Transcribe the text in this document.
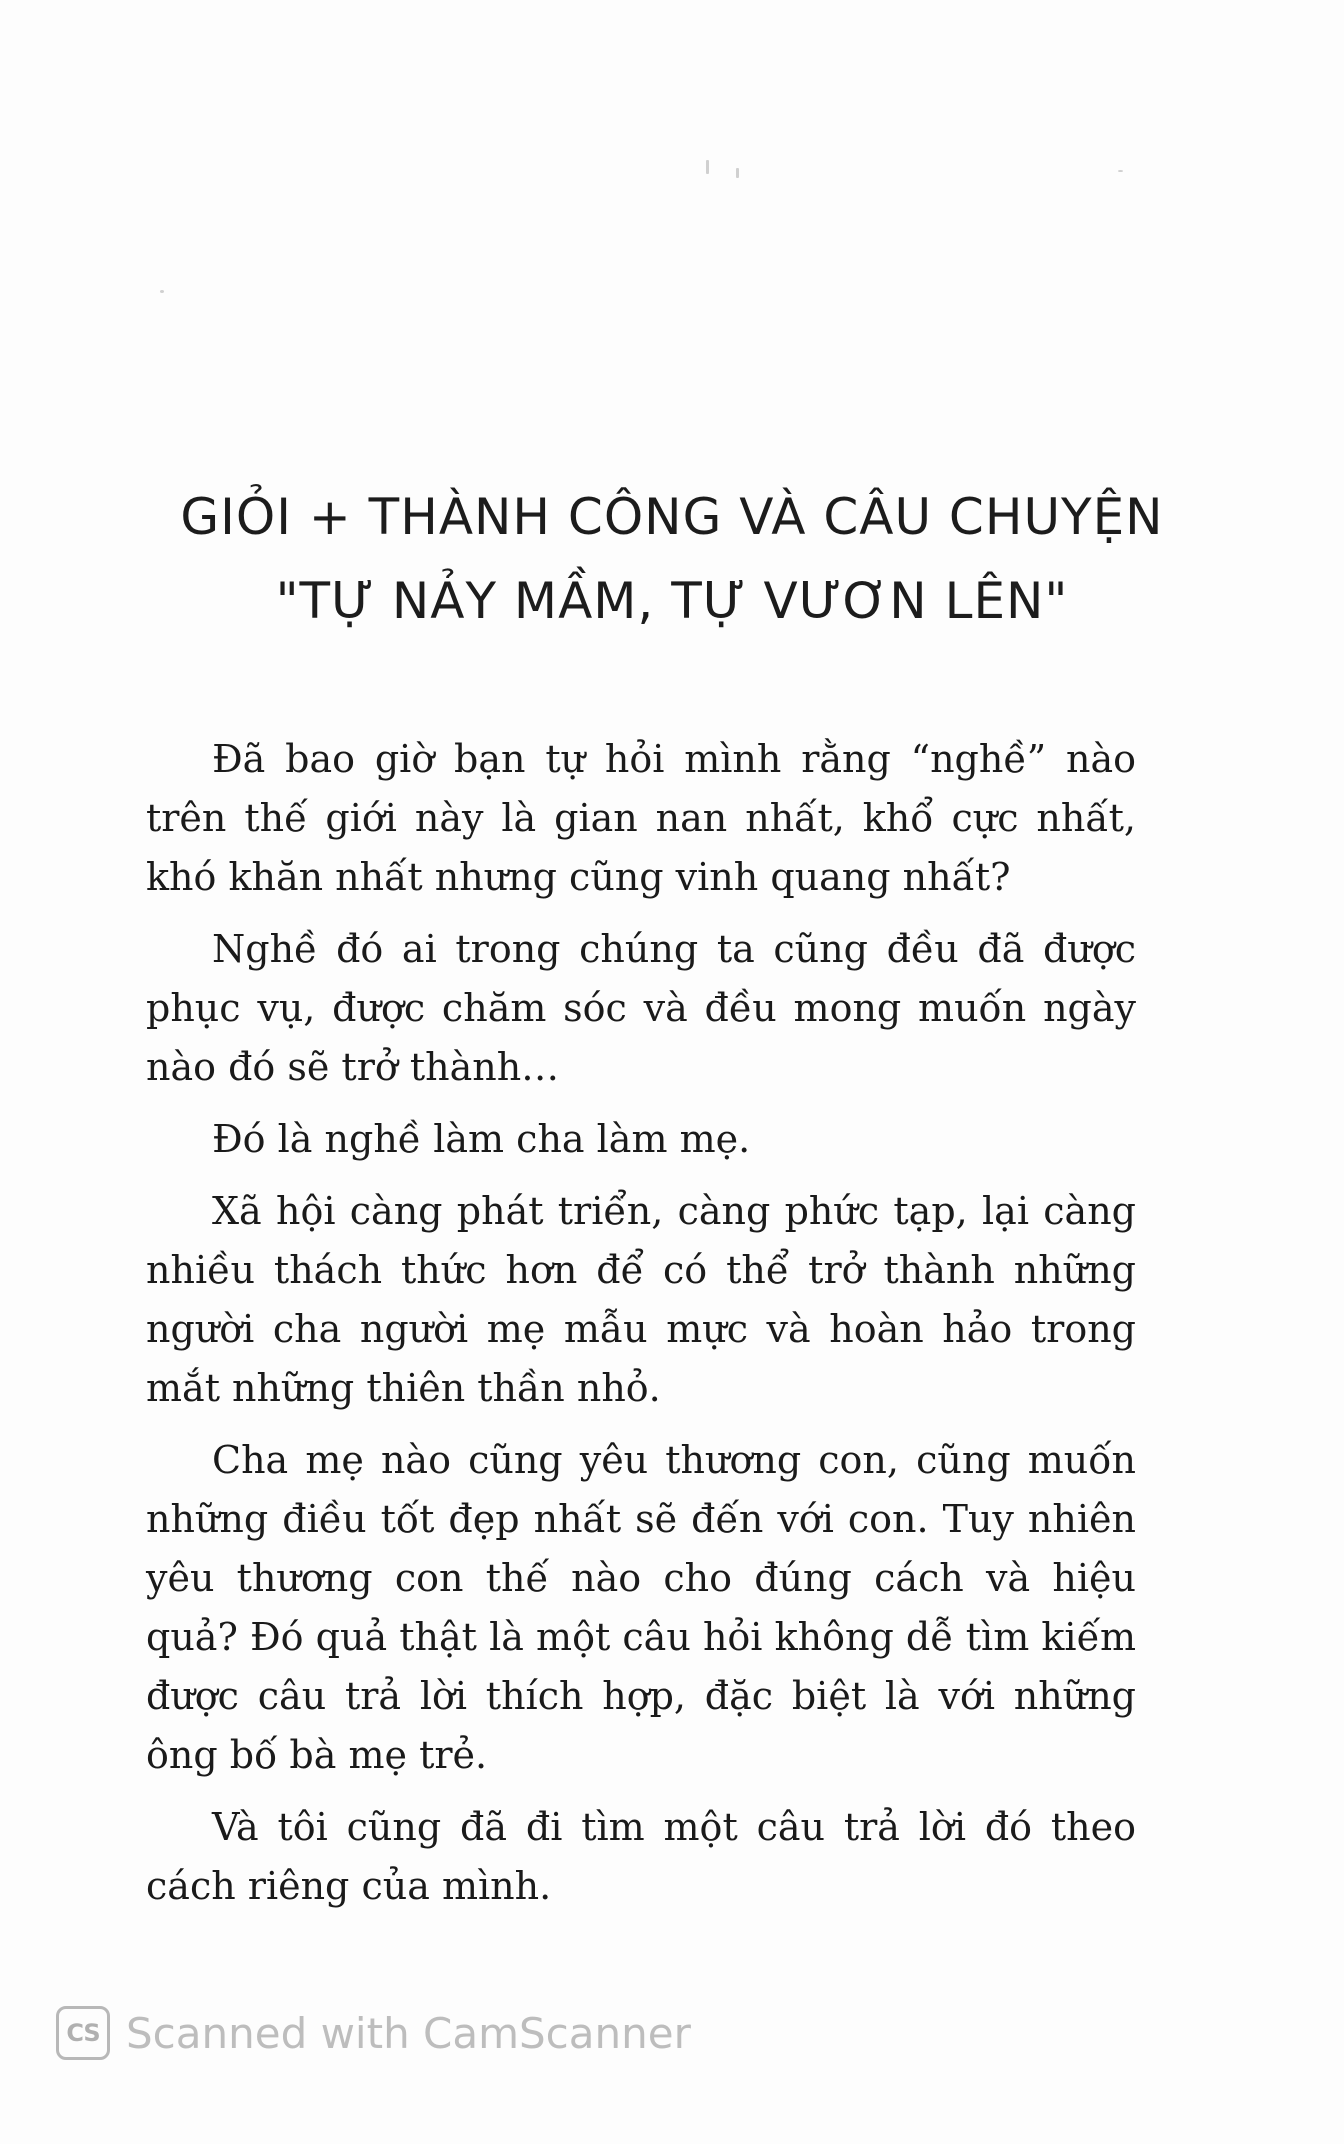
GIỎI + THÀNH CÔNG VÀ CÂU CHUYỆN
"TỰ NẢY MẦM, TỰ VƯƠN LÊN"

Đã bao giờ bạn tự hỏi mình rằng “nghề” nào trên thế giới này là gian nan nhất, khổ cực nhất, khó khăn nhất nhưng cũng vinh quang nhất?

Nghề đó ai trong chúng ta cũng đều đã được phục vụ, được chăm sóc và đều mong muốn ngày nào đó sẽ trở thành…

Đó là nghề làm cha làm mẹ.

Xã hội càng phát triển, càng phức tạp, lại càng nhiều thách thức hơn để có thể trở thành những người cha người mẹ mẫu mực và hoàn hảo trong mắt những thiên thần nhỏ.

Cha mẹ nào cũng yêu thương con, cũng muốn những điều tốt đẹp nhất sẽ đến với con. Tuy nhiên yêu thương con thế nào cho đúng cách và hiệu quả? Đó quả thật là một câu hỏi không dễ tìm kiếm được câu trả lời thích hợp, đặc biệt là với những ông bố bà mẹ trẻ.

Và tôi cũng đã đi tìm một câu trả lời đó theo cách riêng của mình.

CS Scanned with CamScanner
